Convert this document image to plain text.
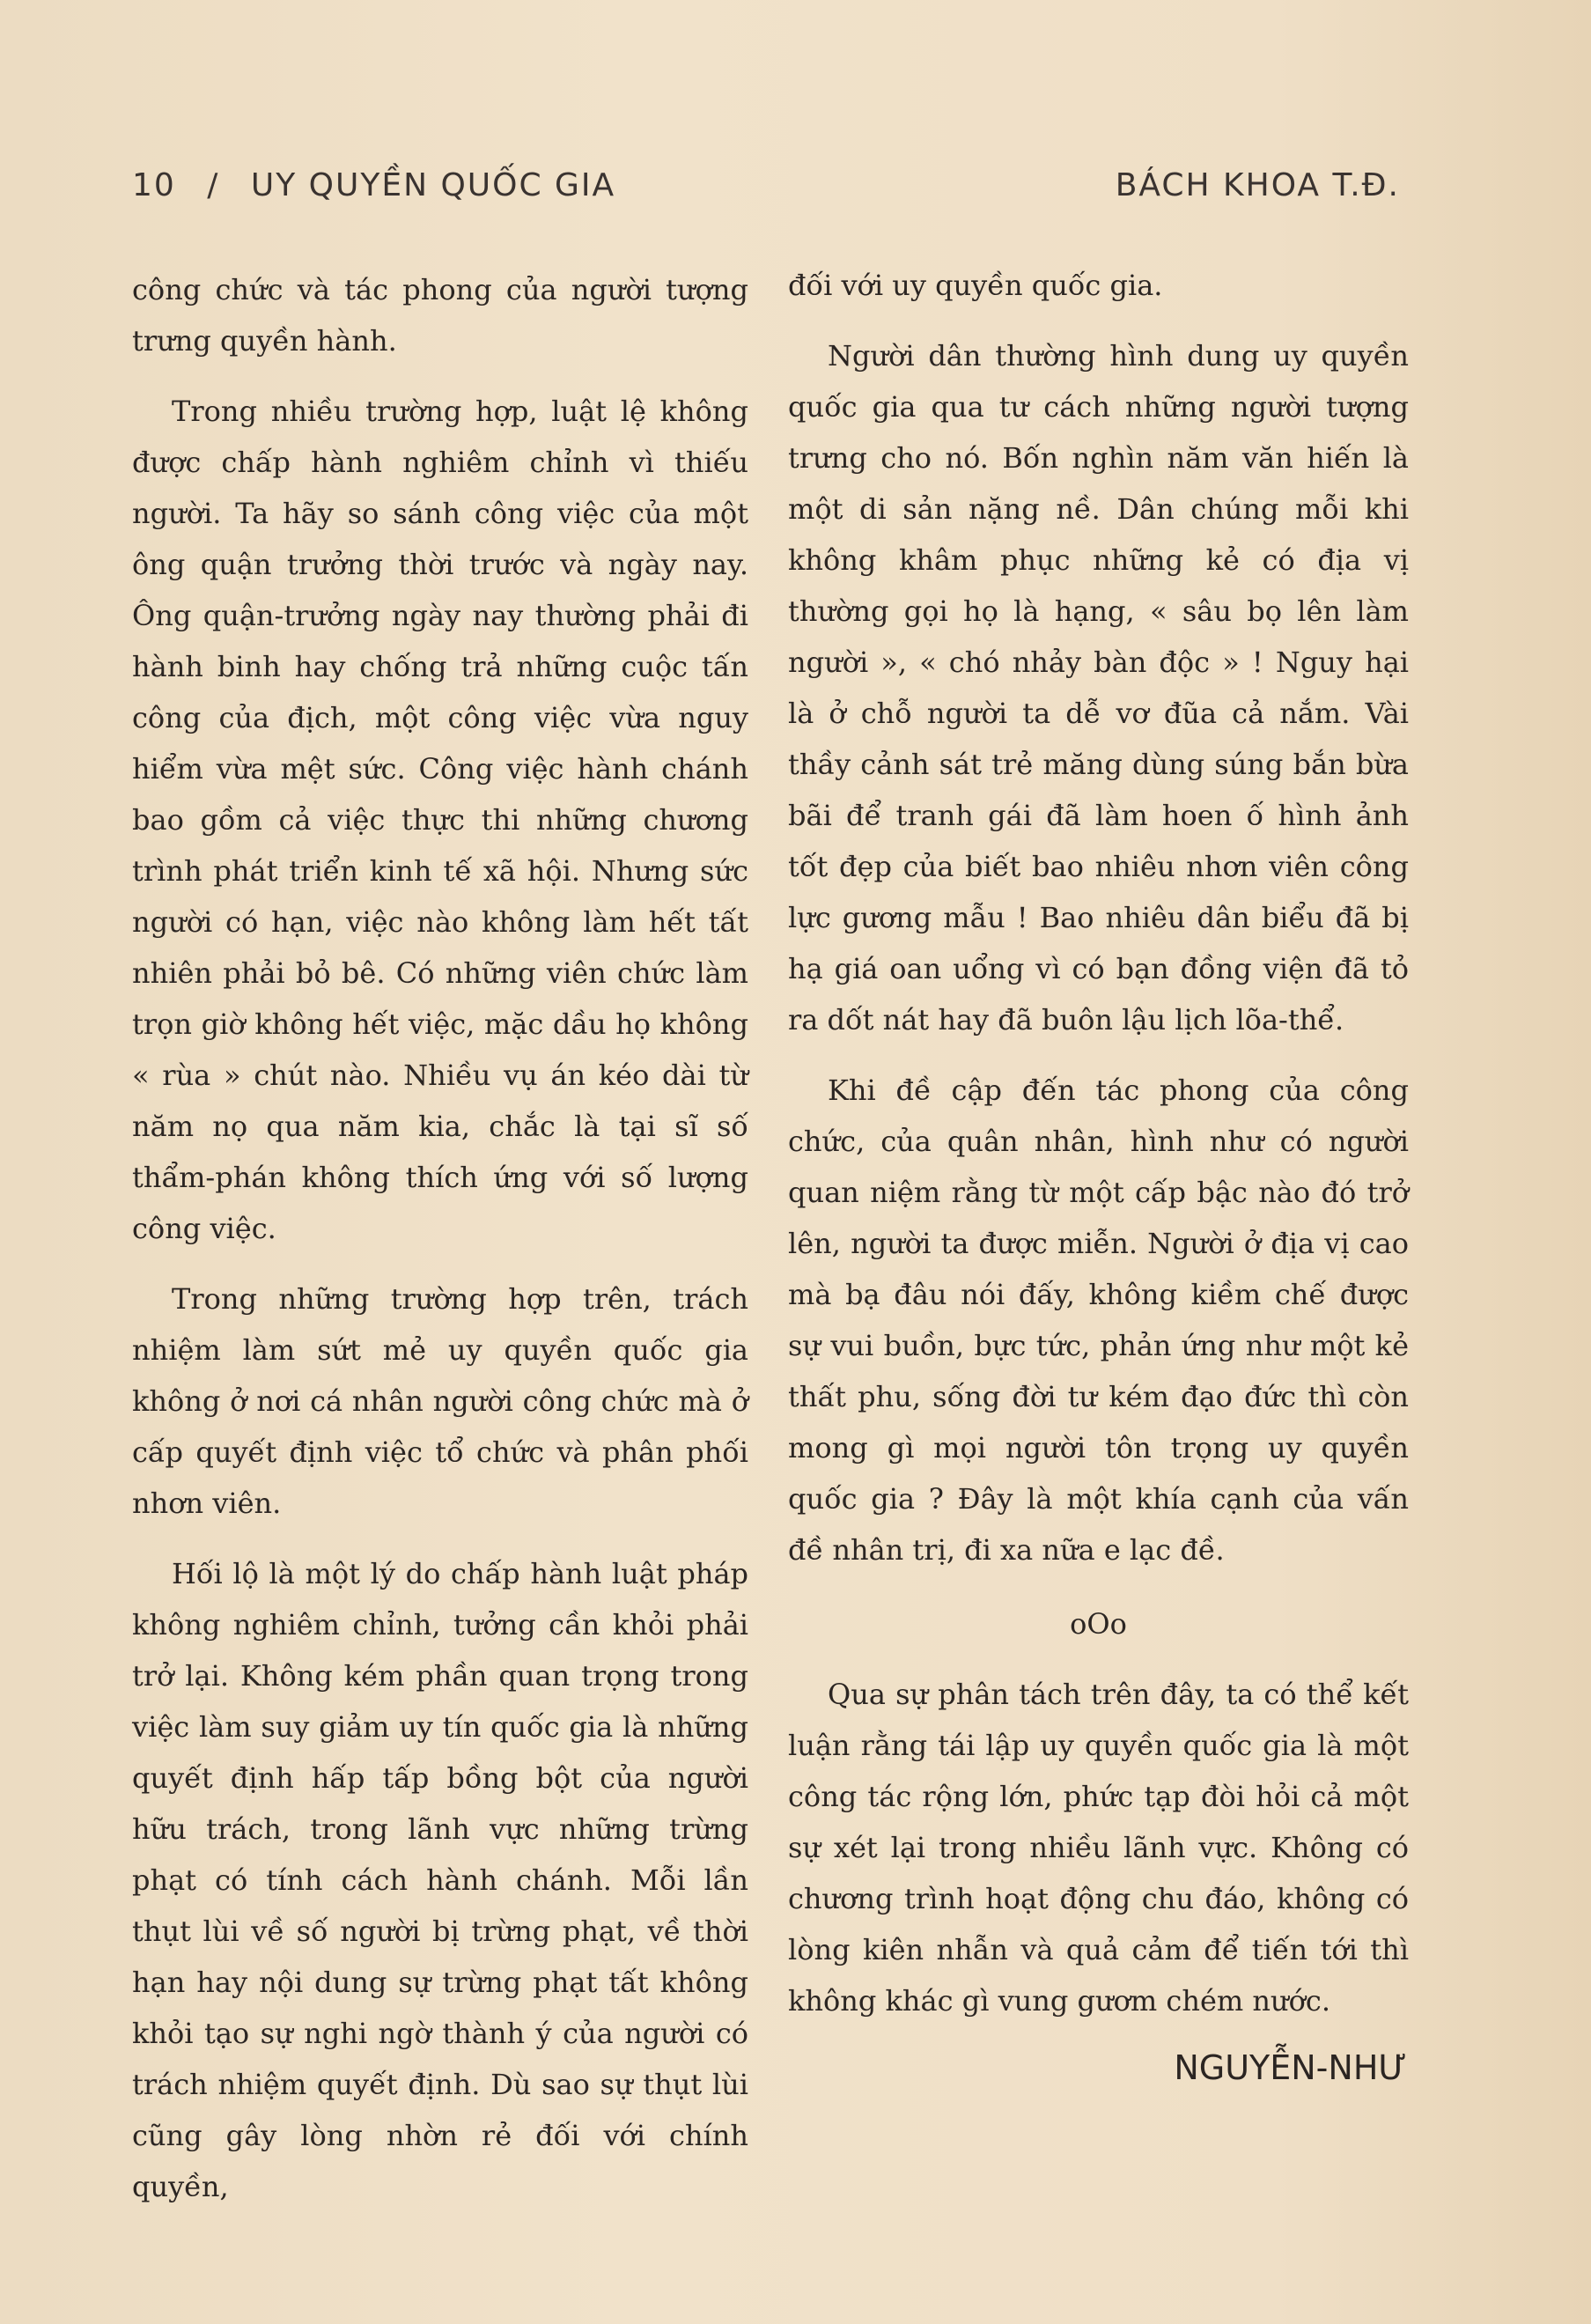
10 / UY QUYỀN QUỐC GIA	BÁCH KHOA T.Đ.

công chức và tác phong của người tượng trưng quyền hành.

Trong nhiều trường hợp, luật lệ không được chấp hành nghiêm chỉnh vì thiếu người. Ta hãy so sánh công việc của một ông quận trưởng thời trước và ngày nay. Ông quận-trưởng ngày nay thường phải đi hành binh hay chống trả những cuộc tấn công của địch, một công việc vừa nguy hiểm vừa mệt sức. Công việc hành chánh bao gồm cả việc thực thi những chương trình phát triển kinh tế xã hội. Nhưng sức người có hạn, việc nào không làm hết tất nhiên phải bỏ bê. Có những viên chức làm trọn giờ không hết việc, mặc dầu họ không « rùa » chút nào. Nhiều vụ án kéo dài từ năm nọ qua năm kia, chắc là tại sĩ số thẩm-phán không thích ứng với số lượng công việc.

Trong những trường hợp trên, trách nhiệm làm sứt mẻ uy quyền quốc gia không ở nơi cá nhân người công chức mà ở cấp quyết định việc tổ chức và phân phối nhơn viên.

Hối lộ là một lý do chấp hành luật pháp không nghiêm chỉnh, tưởng cần khỏi phải trở lại. Không kém phần quan trọng trong việc làm suy giảm uy tín quốc gia là những quyết định hấp tấp bồng bột của người hữu trách, trong lãnh vực những trừng phạt có tính cách hành chánh. Mỗi lần thụt lùi về số người bị trừng phạt, về thời hạn hay nội dung sự trừng phạt tất không khỏi tạo sự nghi ngờ thành ý của người có trách nhiệm quyết định. Dù sao sự thụt lùi cũng gây lòng nhờn rẻ đối với chính quyền,

đối với uy quyền quốc gia.

Người dân thường hình dung uy quyền quốc gia qua tư cách những người tượng trưng cho nó. Bốn nghìn năm văn hiến là một di sản nặng nề. Dân chúng mỗi khi không khâm phục những kẻ có địa vị thường gọi họ là hạng, « sâu bọ lên làm người », « chó nhảy bàn độc » ! Nguy hại là ở chỗ người ta dễ vơ đũa cả nắm. Vài thầy cảnh sát trẻ măng dùng súng bắn bừa bãi để tranh gái đã làm hoen ố hình ảnh tốt đẹp của biết bao nhiêu nhơn viên công lực gương mẫu ! Bao nhiêu dân biểu đã bị hạ giá oan uổng vì có bạn đồng viện đã tỏ ra dốt nát hay đã buôn lậu lịch lõa-thể.

Khi đề cập đến tác phong của công chức, của quân nhân, hình như có người quan niệm rằng từ một cấp bậc nào đó trở lên, người ta được miễn. Người ở địa vị cao mà bạ đâu nói đấy, không kiềm chế được sự vui buồn, bực tức, phản ứng như một kẻ thất phu, sống đời tư kém đạo đức thì còn mong gì mọi người tôn trọng uy quyền quốc gia ? Đây là một khía cạnh của vấn đề nhân trị, đi xa nữa e lạc đề.

oOo

Qua sự phân tách trên đây, ta có thể kết luận rằng tái lập uy quyền quốc gia là một công tác rộng lớn, phức tạp đòi hỏi cả một sự xét lại trong nhiều lãnh vực. Không có chương trình hoạt động chu đáo, không có lòng kiên nhẫn và quả cảm để tiến tới thì không khác gì vung gươm chém nước.

NGUYỄN-NHƯ
